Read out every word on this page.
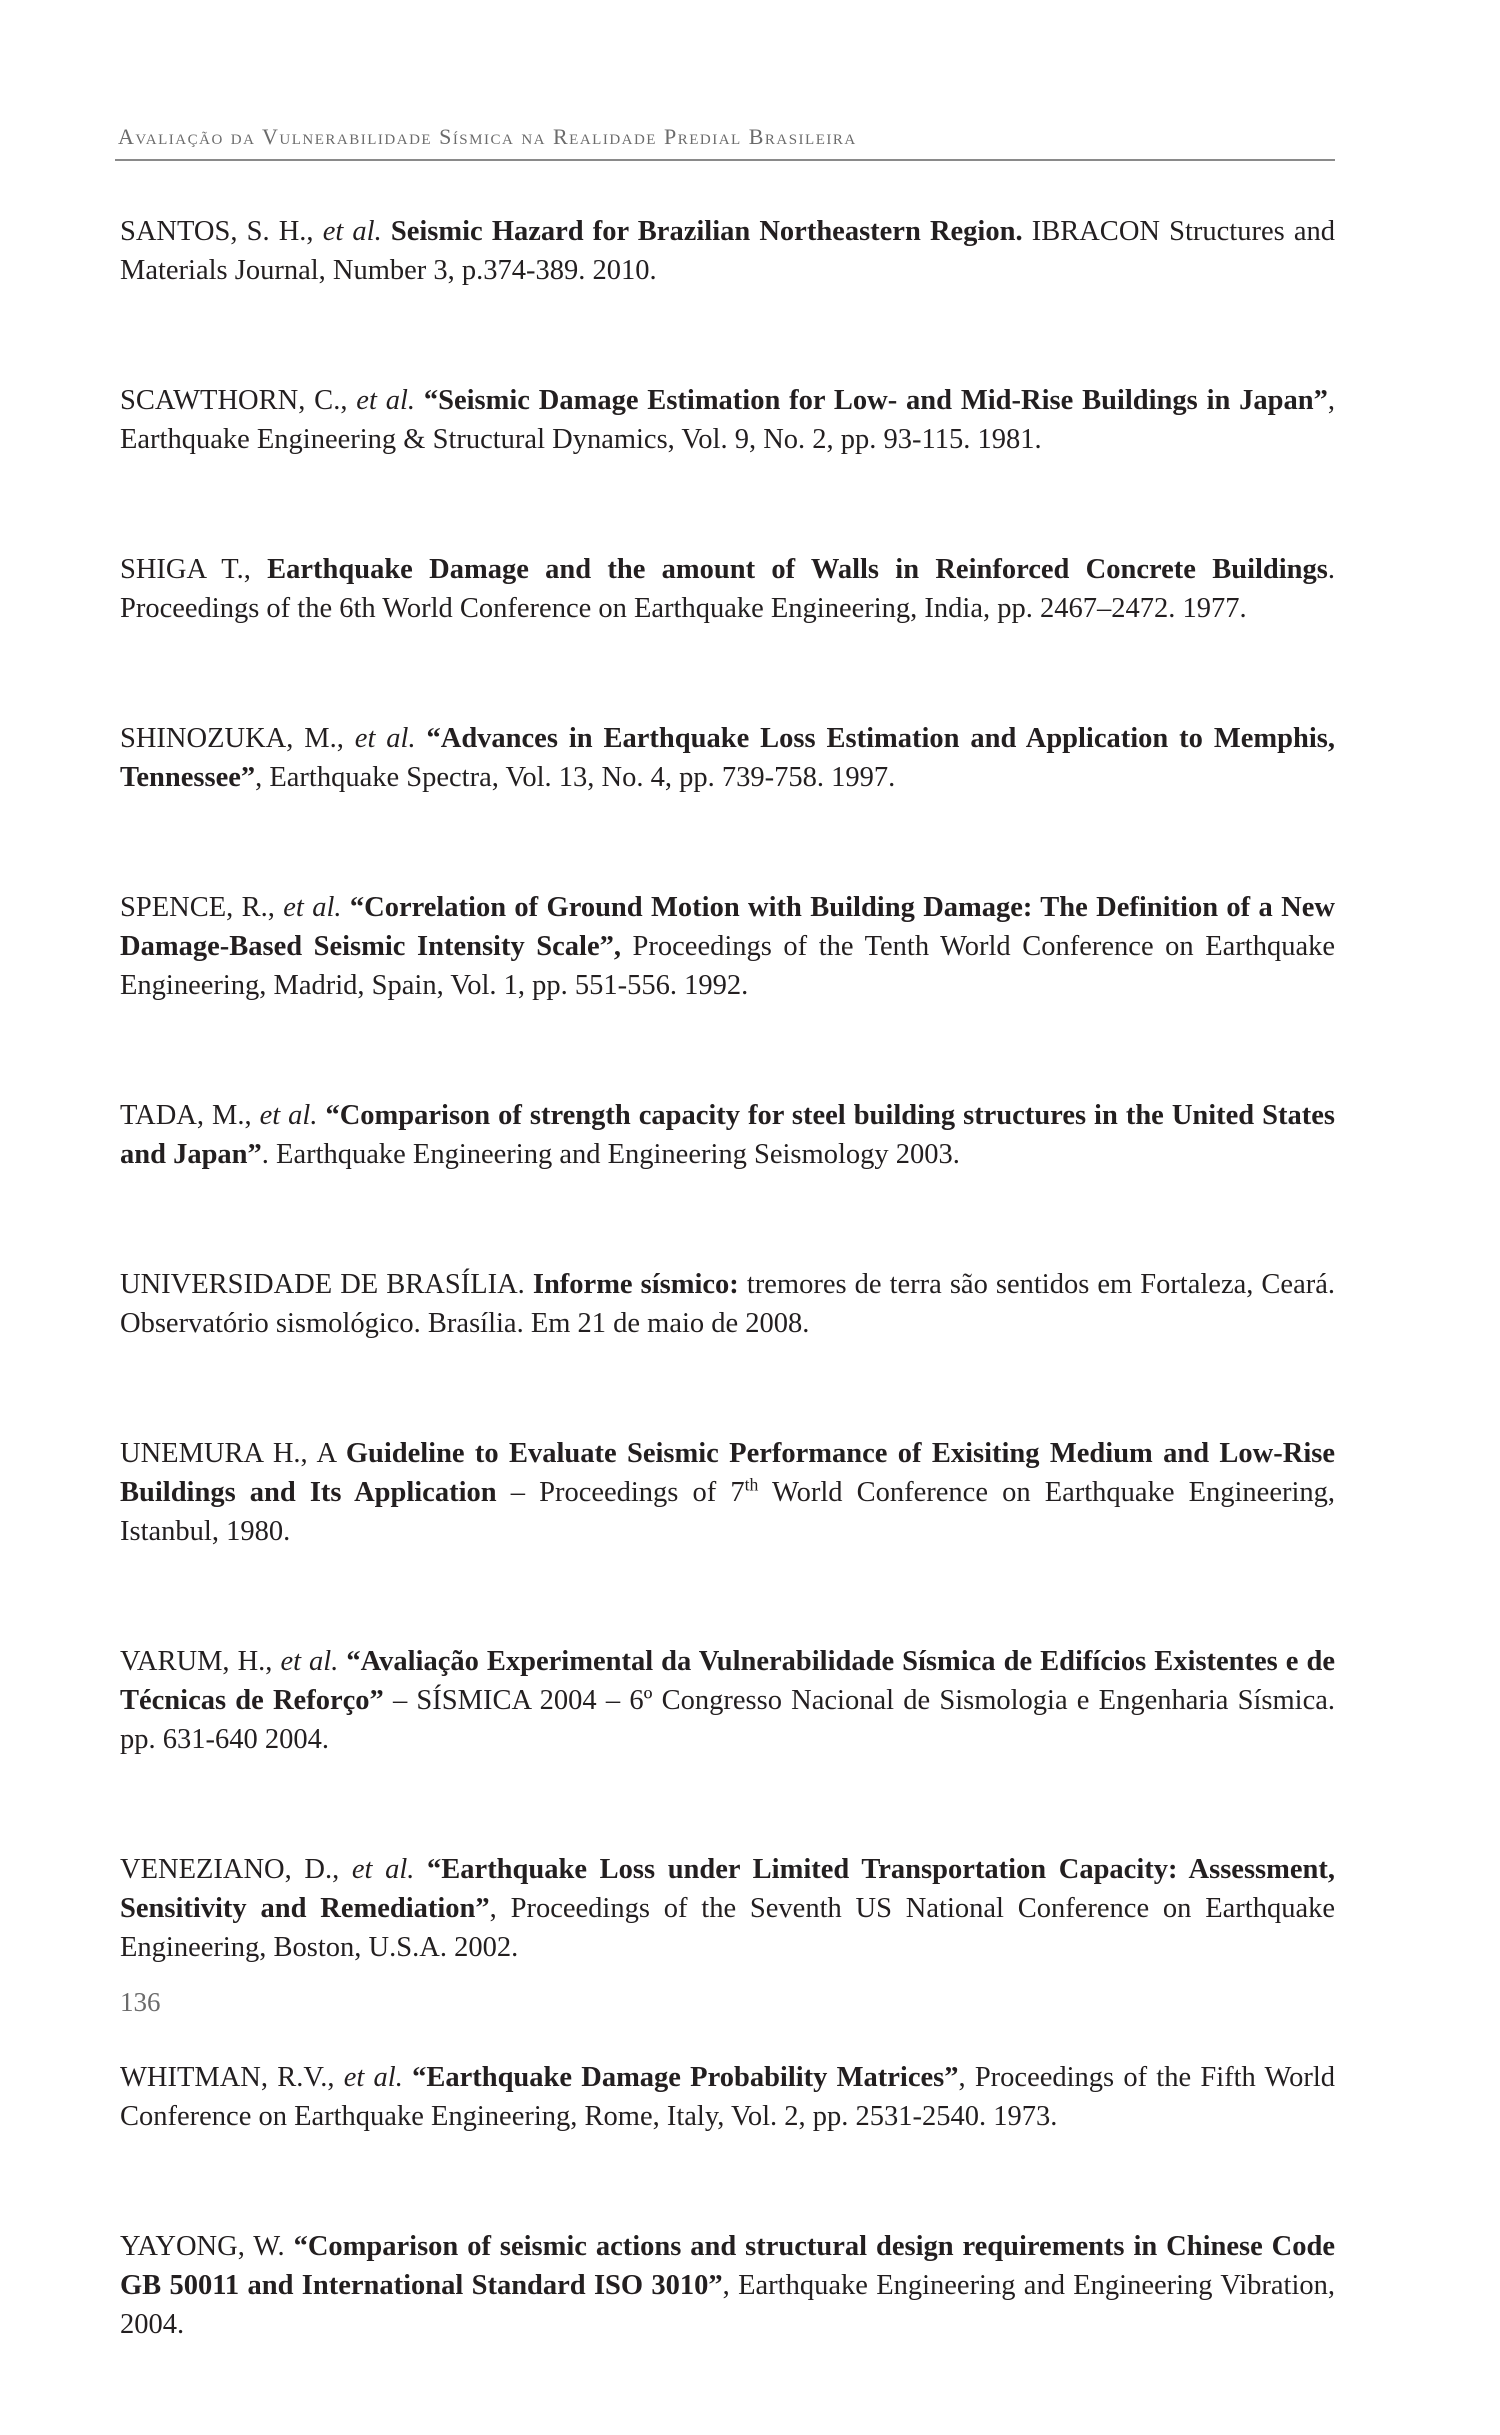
Avaliação da Vulnerabilidade Sísmica na Realidade Predial Brasileira
SANTOS, S. H., et al. Seismic Hazard for Brazilian Northeastern Region. IBRACON Structures and Materials Journal, Number 3, p.374-389. 2010.
SCAWTHORN, C., et al. “Seismic Damage Estimation for Low- and Mid-Rise Buildings in Japan”, Earthquake Engineering & Structural Dynamics, Vol. 9, No. 2, pp. 93-115. 1981.
SHIGA T., Earthquake Damage and the amount of Walls in Reinforced Concrete Buildings. Proceedings of the 6th World Conference on Earthquake Engineering, India, pp. 2467–2472. 1977.
SHINOZUKA, M., et al. “Advances in Earthquake Loss Estimation and Application to Memphis, Tennessee”, Earthquake Spectra, Vol. 13, No. 4, pp. 739-758. 1997.
SPENCE, R., et al. “Correlation of Ground Motion with Building Damage: The Definition of a New Damage-Based Seismic Intensity Scale”, Proceedings of the Tenth World Conference on Earthquake Engineering, Madrid, Spain, Vol. 1, pp. 551-556. 1992.
TADA, M., et al. “Comparison of strength capacity for steel building structures in the United States and Japan”. Earthquake Engineering and Engineering Seismology 2003.
UNIVERSIDADE DE BRASÍLIA. Informe sísmico: tremores de terra são sentidos em Fortaleza, Ceará. Observatório sismológico. Brasília. Em 21 de maio de 2008.
UNEMURA H., A Guideline to Evaluate Seismic Performance of Exisiting Medium and Low-Rise Buildings and Its Application – Proceedings of 7th World Conference on Earthquake Engineering, Istanbul, 1980.
VARUM, H., et al. “Avaliação Experimental da Vulnerabilidade Sísmica de Edifícios Existentes e de Técnicas de Reforço” – SÍSMICA 2004 – 6º Congresso Nacional de Sismologia e Engenharia Sísmica. pp. 631-640 2004.
VENEZIANO, D., et al. “Earthquake Loss under Limited Transportation Capacity: Assessment, Sensitivity and Remediation”, Proceedings of the Seventh US National Conference on Earthquake Engineering, Boston, U.S.A. 2002.
WHITMAN, R.V., et al. “Earthquake Damage Probability Matrices”, Proceedings of the Fifth World Conference on Earthquake Engineering, Rome, Italy, Vol. 2, pp. 2531-2540. 1973.
YAYONG, W. “Comparison of seismic actions and structural design requirements in Chinese Code GB 50011 and International Standard ISO 3010”, Earthquake Engineering and Engineering Vibration, 2004.
136
